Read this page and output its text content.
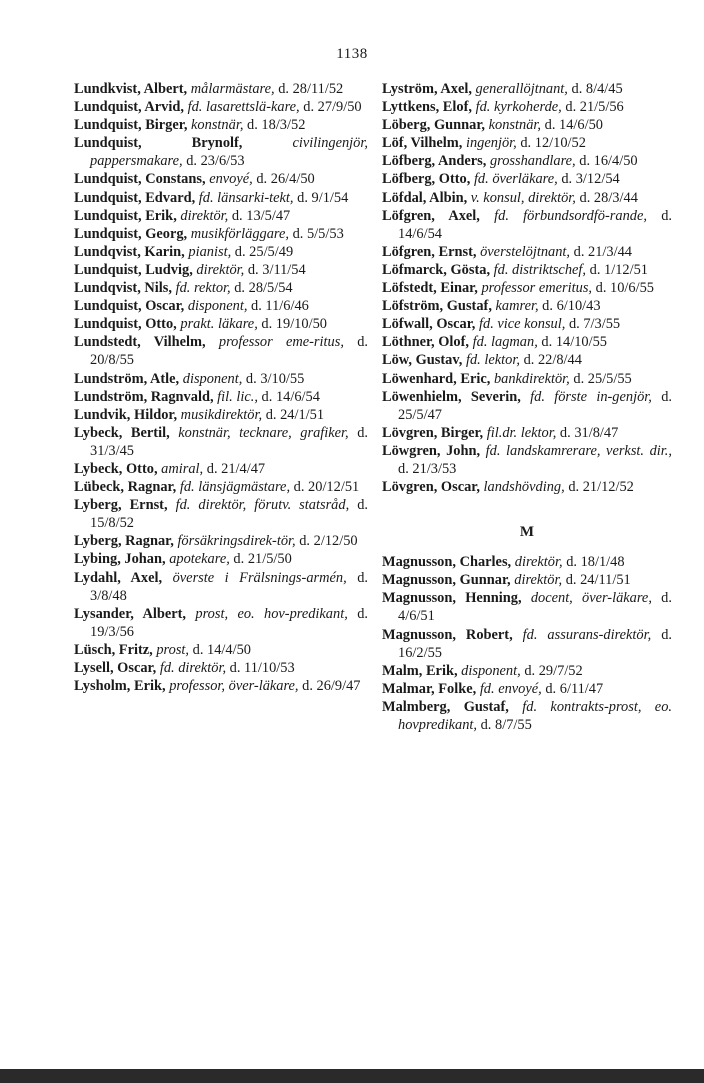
1138
Lundkvist, Albert, målarmästare, d. 28/11/52
Lundquist, Arvid, fd. lasarettslä-kare, d. 27/9/50
Lundquist, Birger, konstnär, d. 18/3/52
Lundquist, Brynolf,	civilingenjör, pappersmakare, d. 23/6/53
Lundquist, Constans, envoyé, d. 26/4/50
Lundquist, Edvard, fd. länsarki-tekt, d. 9/1/54
Lundquist, Erik, direktör, d. 13/5/47
Lundquist, Georg, musikförläggare, d. 5/5/53
Lundqvist, Karin, pianist, d. 25/5/49
Lundquist, Ludvig, direktör, d. 3/11/54
Lundqvist, Nils, fd. rektor, d. 28/5/54
Lundquist, Oscar, disponent, d. 11/6/46
Lundquist, Otto, prakt. läkare, d. 19/10/50
Lundstedt, Vilhelm, professor eme-ritus, d. 20/8/55
Lundström, Atle, disponent, d. 3/10/55
Lundström, Ragnvald, fil. lic., d. 14/6/54
Lundvik, Hildor, musikdirektör, d. 24/1/51
Lybeck, Bertil, konstnär, tecknare, grafiker, d. 31/3/45
Lybeck, Otto, amiral, d. 21/4/47
Lübeck, Ragnar, fd. länsjägmästare, d. 20/12/51
Lyberg, Ernst, fd. direktör, förutv. statsråd, d. 15/8/52
Lyberg, Ragnar, försäkringsdirek-tör, d. 2/12/50
Lybing, Johan, apotekare, d. 21/5/50
Lydahl, Axel, överste i Frälsnings-armén, d. 3/8/48
Lysander, Albert, prost, eo. hov-predikant, d. 19/3/56
Lüsch, Fritz, prost, d. 14/4/50
Lysell, Oscar, fd. direktör, d. 11/10/53
Lysholm, Erik, professor, över-läkare, d. 26/9/47
Lyström, Axel, generallöjtnant, d. 8/4/45
Lyttkens, Elof, fd. kyrkoherde, d. 21/5/56
Löberg, Gunnar, konstnär, d. 14/6/50
Löf, Vilhelm, ingenjör, d. 12/10/52
Löfberg, Anders, grosshandlare, d. 16/4/50
Löfberg, Otto, fd. överläkare, d. 3/12/54
Löfdal, Albin, v. konsul, direktör, d. 28/3/44
Löfgren, Axel, fd. förbundsordfö-rande, d. 14/6/54
Löfgren, Ernst, överstelöjtnant, d. 21/3/44
Löfmarck, Gösta, fd. distriktschef, d. 1/12/51
Löfstedt, Einar, professor emeritus, d. 10/6/55
Löfström, Gustaf, kamrer, d. 6/10/43
Löfwall, Oscar, fd. vice konsul, d. 7/3/55
Löthner, Olof, fd. lagman, d. 14/10/55
Löw, Gustav, fd. lektor, d. 22/8/44
Löwenhard, Eric, bankdirektör, d. 25/5/55
Löwenhielm, Severin, fd. förste in-genjör, d. 25/5/47
Lövgren, Birger, fil.dr. lektor, d. 31/8/47
Löwgren, John, fd. landskamrerare, verkst. dir., d. 21/3/53
Lövgren, Oscar, landshövding, d. 21/12/52
M
Magnusson, Charles, direktör, d. 18/1/48
Magnusson, Gunnar, direktör, d. 24/11/51
Magnusson, Henning, docent, över-läkare, d. 4/6/51
Magnusson, Robert, fd. assurans-direktör, d. 16/2/55
Malm, Erik, disponent, d. 29/7/52
Malmar, Folke, fd. envoyé, d. 6/11/47
Malmberg, Gustaf, fd. kontrakts-prost, eo. hovpredikant, d. 8/7/55
